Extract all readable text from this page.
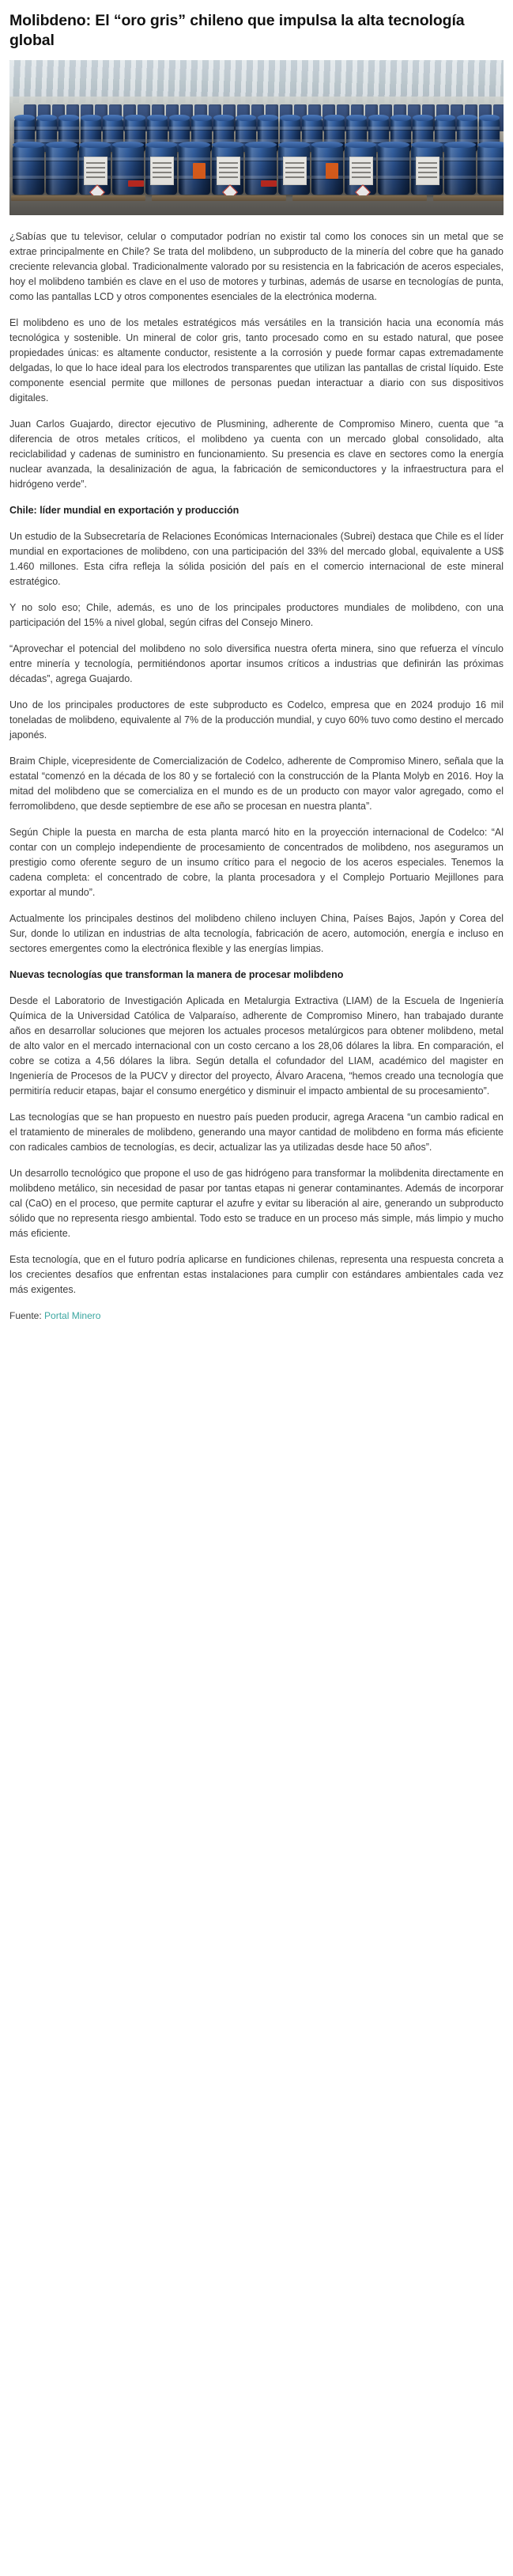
Molibdeno: El “oro gris” chileno que impulsa la alta tecnología global

¿Sabías que tu televisor, celular o computador podrían no existir tal como los conoces sin un metal que se extrae principalmente en Chile? Se trata del molibdeno, un subproducto de la minería del cobre que ha ganado creciente relevancia global. Tradicionalmente valorado por su resistencia en la fabricación de aceros especiales, hoy el molibdeno también es clave en el uso de motores y turbinas, además de usarse en tecnologías de punta, como las pantallas LCD y otros componentes esenciales de la electrónica moderna.

El molibdeno es uno de los metales estratégicos más versátiles en la transición hacia una economía más tecnológica y sostenible. Un mineral de color gris, tanto procesado como en su estado natural, que posee propiedades únicas: es altamente conductor, resistente a la corrosión y puede formar capas extremadamente delgadas, lo que lo hace ideal para los electrodos transparentes que utilizan las pantallas de cristal líquido. Este componente esencial permite que millones de personas puedan interactuar a diario con sus dispositivos digitales.

Juan Carlos Guajardo, director ejecutivo de Plusmining, adherente de Compromiso Minero, cuenta que “a diferencia de otros metales críticos, el molibdeno ya cuenta con un mercado global consolidado, alta reciclabilidad y cadenas de suministro en funcionamiento. Su presencia es clave en sectores como la energía nuclear avanzada, la desalinización de agua, la fabricación de semiconductores y la infraestructura para el hidrógeno verde”.

Chile: líder mundial en exportación y producción

Un estudio de la Subsecretaría de Relaciones Económicas Internacionales (Subrei) destaca que Chile es el líder mundial en exportaciones de molibdeno, con una participación del 33% del mercado global, equivalente a US$ 1.460 millones. Esta cifra refleja la sólida posición del país en el comercio internacional de este mineral estratégico.

Y no solo eso; Chile, además, es uno de los principales productores mundiales de molibdeno, con una participación del 15% a nivel global, según cifras del Consejo Minero.

“Aprovechar el potencial del molibdeno no solo diversifica nuestra oferta minera, sino que refuerza el vínculo entre minería y tecnología, permitiéndonos aportar insumos críticos a industrias que definirán las próximas décadas”, agrega Guajardo.

Uno de los principales productores de este subproducto es Codelco, empresa que en 2024 produjo 16 mil toneladas de molibdeno, equivalente al 7% de la producción mundial, y cuyo 60% tuvo como destino el mercado japonés.

Braim Chiple, vicepresidente de Comercialización de Codelco, adherente de Compromiso Minero, señala que la estatal “comenzó en la década de los 80 y se fortaleció con la construcción de la Planta Molyb en 2016. Hoy la mitad del molibdeno que se comercializa en el mundo es de un producto con mayor valor agregado, como el ferromolibdeno, que desde septiembre de ese año se procesan en nuestra planta”.

Según Chiple la puesta en marcha de esta planta marcó hito en la proyección internacional de Codelco: “Al contar con un complejo independiente de procesamiento de concentrados de molibdeno, nos aseguramos un prestigio como oferente seguro de un insumo crítico para el negocio de los aceros especiales. Tenemos la cadena completa: el concentrado de cobre, la planta procesadora y el Complejo Portuario Mejillones para exportar al mundo”.

Actualmente los principales destinos del molibdeno chileno incluyen China, Países Bajos, Japón y Corea del Sur, donde lo utilizan en industrias de alta tecnología, fabricación de acero, automoción, energía e incluso en sectores emergentes como la electrónica flexible y las energías limpias.

Nuevas tecnologías que transforman la manera de procesar molibdeno

Desde el Laboratorio de Investigación Aplicada en Metalurgia Extractiva (LIAM) de la Escuela de Ingeniería Química de la Universidad Católica de Valparaíso, adherente de Compromiso Minero, han trabajado durante años en desarrollar soluciones que mejoren los actuales procesos metalúrgicos para obtener molibdeno, metal de alto valor en el mercado internacional con un costo cercano a los 28,06 dólares la libra. En comparación, el cobre se cotiza a 4,56 dólares la libra. Según detalla el cofundador del LIAM, académico del magister en Ingeniería de Procesos de la PUCV y director del proyecto, Álvaro Aracena, “hemos creado una tecnología que permitiría reducir etapas, bajar el consumo energético y disminuir el impacto ambiental de su procesamiento”.

Las tecnologías que se han propuesto en nuestro país pueden producir, agrega Aracena “un cambio radical en el tratamiento de minerales de molibdeno, generando una mayor cantidad de molibdeno en forma más eficiente con radicales cambios de tecnologías, es decir, actualizar las ya utilizadas desde hace 50 años”.

Un desarrollo tecnológico que propone el uso de gas hidrógeno para transformar la molibdenita directamente en molibdeno metálico, sin necesidad de pasar por tantas etapas ni generar contaminantes. Además de incorporar cal (CaO) en el proceso, que permite capturar el azufre y evitar su liberación al aire, generando un subproducto sólido que no representa riesgo ambiental. Todo esto se traduce en un proceso más simple, más limpio y mucho más eficiente.

Esta tecnología, que en el futuro podría aplicarse en fundiciones chilenas, representa una respuesta concreta a los crecientes desafíos que enfrentan estas instalaciones para cumplir con estándares ambientales cada vez más exigentes.

Fuente: Portal Minero
